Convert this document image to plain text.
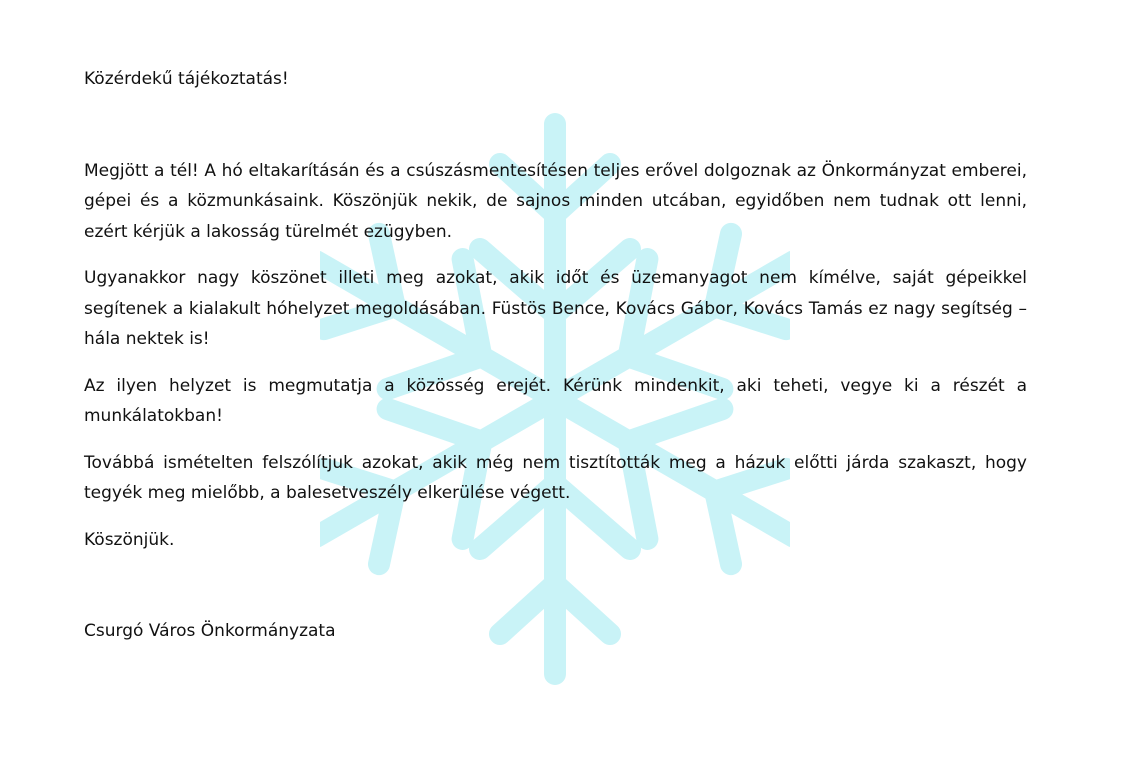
Közérdekű tájékoztatás!

Megjött a tél! A hó eltakarításán és a csúszásmentesítésen teljes erővel dolgoznak az Önkormányzat emberei, gépei és a közmunkásaink. Köszönjük nekik, de sajnos minden utcában, egyidőben nem tudnak ott lenni, ezért kérjük a lakosság türelmét ezügyben.

Ugyanakkor nagy köszönet illeti meg azokat, akik időt és üzemanyagot nem kímélve, saját gépeikkel segítenek a kialakult hóhelyzet megoldásában. Füstös Bence, Kovács Gábor, Kovács Tamás ez nagy segítség – hála nektek is!

Az ilyen helyzet is megmutatja a közösség erejét. Kérünk mindenkit, aki teheti, vegye ki a részét a munkálatokban!

Továbbá ismételten felszólítjuk azokat, akik még nem tisztították meg a házuk előtti járda szakaszt, hogy tegyék meg mielőbb, a balesetveszély elkerülése végett.

Köszönjük.

Csurgó Város Önkormányzata
